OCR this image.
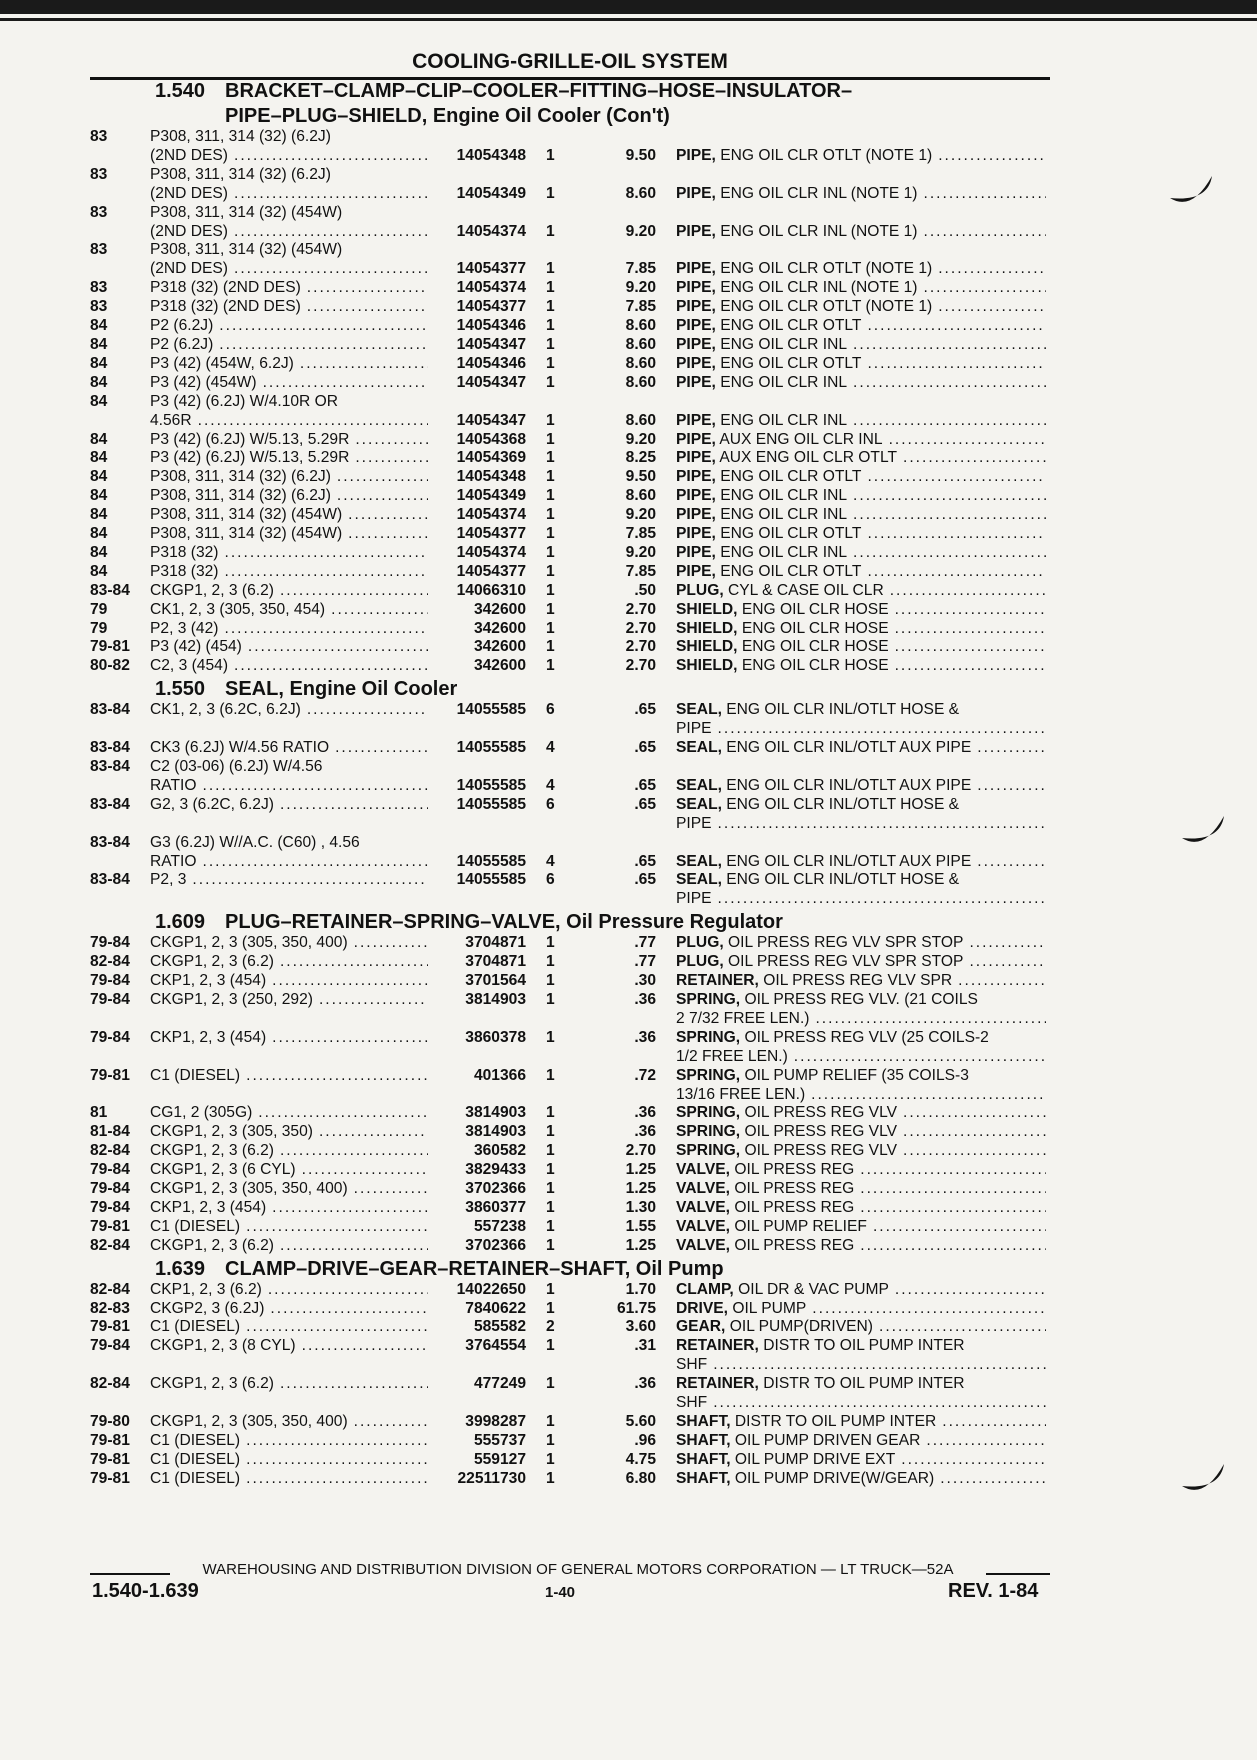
COOLING-GRILLE-OIL SYSTEM
1.540 BRACKET–CLAMP–CLIP–COOLER–FITTING–HOSE–INSULATOR–
PIPE–PLUG–SHIELD, Engine Oil Cooler (Con't)
83	P308, 311, 314 (32) (6.2J)
(2ND DES) .....	14054348	1	9.50 PIPE, ENG OIL CLR OTLT (NOTE 1)
.....
83	P308, 311, 314 (32) (6.2J)
(2ND DES) .....	14054349	1	8.60 PIPE, ENG OIL CLR INL (NOTE 1)
.....
83	P308, 311, 314 (32) (454W)
(2ND DES) .....	14054374	1	9.20 PIPE, ENG OIL CLR INL (NOTE 1)
.....
83	P308, 311, 314 (32) (454W)
(2ND DES) .....	14054377	1	7.85 PIPE, ENG OIL CLR OTLT (NOTE 1)
.....
83	P318 (32) (2ND DES) .....	14054374	1	9.20 PIPE, ENG OIL CLR INL (NOTE 1)
.....
83	P318 (32) (2ND DES) .....	14054377	1	7.85 PIPE, ENG OIL CLR OTLT (NOTE 1)
.....
84	P2 (6.2J) .....	14054346	1	8.60 PIPE, ENG OIL CLR OTLT
.....
84	P2 (6.2J) .....	14054347	1	8.60 PIPE, ENG OIL CLR INL
.....
84	P3 (42) (454W, 6.2J) .....	14054346	1	8.60 PIPE, ENG OIL CLR OTLT
.....
84	P3 (42) (454W) .....	14054347	1	8.60 PIPE, ENG OIL CLR INL
.....
84	P3 (42) (6.2J) W/4.10R OR
4.56R .....	14054347	1	8.60 PIPE, ENG OIL CLR INL
.....
84	P3 (42) (6.2J) W/5.13, 5.29R .....	14054368	1	9.20 PIPE, AUX ENG OIL CLR INL
.....
84	P3 (42) (6.2J) W/5.13, 5.29R .....	14054369	1	8.25 PIPE, AUX ENG OIL CLR OTLT
.....
84	P308, 311, 314 (32) (6.2J) .....	14054348	1	9.50 PIPE, ENG OIL CLR OTLT
.....
84	P308, 311, 314 (32) (6.2J) .....	14054349	1	8.60 PIPE, ENG OIL CLR INL
.....
84	P308, 311, 314 (32) (454W) .....	14054374	1	9.20 PIPE, ENG OIL CLR INL
.....
84	P308, 311, 314 (32) (454W) .....	14054377	1	7.85 PIPE, ENG OIL CLR OTLT
.....
84	P318 (32) .....	14054374	1	9.20 PIPE, ENG OIL CLR INL
.....
84	P318 (32) .....	14054377	1	7.85 PIPE, ENG OIL CLR OTLT
.....
83-84	CKGP1, 2, 3 (6.2) .....	14066310	1	.50 PLUG, CYL & CASE OIL CLR
.....
79	CK1, 2, 3 (305, 350, 454) .....	342600	1	2.70 SHIELD, ENG OIL CLR HOSE
.....
79	P2, 3 (42) .....	342600	1	2.70 SHIELD, ENG OIL CLR HOSE
.....
79-81	P3 (42) (454) .....	342600	1	2.70 SHIELD, ENG OIL CLR HOSE
.....
80-82	C2, 3 (454) .....	342600	1	2.70 SHIELD, ENG OIL CLR HOSE
.....
1.550 SEAL, Engine Oil Cooler
83-84	CK1, 2, 3 (6.2C, 6.2J) .....	14055585	6	.65 SEAL, ENG OIL CLR INL/OTLT HOSE &
PIPE
.....
83-84	CK3 (6.2J) W/4.56 RATIO .....	14055585	4	.65 SEAL, ENG OIL CLR INL/OTLT AUX PIPE
.....
83-84	C2 (03-06) (6.2J) W/4.56
RATIO .....	14055585	4	.65 SEAL, ENG OIL CLR INL/OTLT AUX PIPE
.....
83-84	G2, 3 (6.2C, 6.2J) .....	14055585	6	.65 SEAL, ENG OIL CLR INL/OTLT HOSE &
PIPE
.....
83-84	G3 (6.2J) W//A.C. (C60) , 4.56
RATIO .....	14055585	4	.65 SEAL, ENG OIL CLR INL/OTLT AUX PIPE
.....
83-84	P2, 3 .....	14055585	6	.65 SEAL, ENG OIL CLR INL/OTLT HOSE &
PIPE
.....
1.609 PLUG–RETAINER–SPRING–VALVE, Oil Pressure Regulator
79-84	CKGP1, 2, 3 (305, 350, 400) .....	3704871	1	.77 PLUG, OIL PRESS REG VLV SPR STOP
.....
82-84	CKGP1, 2, 3 (6.2) .....	3704871	1	.77 PLUG, OIL PRESS REG VLV SPR STOP
.....
79-84	CKP1, 2, 3 (454) .....	3701564	1	.30 RETAINER, OIL PRESS REG VLV SPR
.....
79-84	CKGP1, 2, 3 (250, 292) .....	3814903	1	.36 SPRING, OIL PRESS REG VLV. (21 COILS
2 7/32 FREE LEN.)
.....
79-84	CKP1, 2, 3 (454) .....	3860378	1	.36 SPRING, OIL PRESS REG VLV (25 COILS-2
1/2 FREE LEN.)
.....
79-81	C1 (DIESEL) .....	401366	1	.72 SPRING, OIL PUMP RELIEF (35 COILS-3
13/16 FREE LEN.)
.....
81	CG1, 2 (305G) .....	3814903	1	.36 SPRING, OIL PRESS REG VLV
.....
81-84	CKGP1, 2, 3 (305, 350) .....	3814903	1	.36 SPRING, OIL PRESS REG VLV
.....
82-84	CKGP1, 2, 3 (6.2) .....	360582	1	2.70 SPRING, OIL PRESS REG VLV
.....
79-84	CKGP1, 2, 3 (6 CYL) .....	3829433	1	1.25 VALVE, OIL PRESS REG
.....
79-84	CKGP1, 2, 3 (305, 350, 400) .....	3702366	1	1.25 VALVE, OIL PRESS REG
.....
79-84	CKP1, 2, 3 (454) .....	3860377	1	1.30 VALVE, OIL PRESS REG
.....
79-81	C1 (DIESEL) .....	557238	1	1.55 VALVE, OIL PUMP RELIEF
.....
82-84	CKGP1, 2, 3 (6.2) .....	3702366	1	1.25 VALVE, OIL PRESS REG
.....
1.639 CLAMP–DRIVE–GEAR–RETAINER–SHAFT, Oil Pump
82-84	CKP1, 2, 3 (6.2) .....	14022650	1	1.70 CLAMP, OIL DR & VAC PUMP
.....
82-83	CKGP2, 3 (6.2J) .....	7840622	1	61.75 DRIVE, OIL PUMP
.....
79-81	C1 (DIESEL) .....	585582	2	3.60 GEAR, OIL PUMP(DRIVEN)
.....
79-84	CKGP1, 2, 3 (8 CYL) .....	3764554	1	.31 RETAINER, DISTR TO OIL PUMP INTER
SHF
.....
82-84	CKGP1, 2, 3 (6.2) .....	477249	1	.36 RETAINER, DISTR TO OIL PUMP INTER
SHF
.....
79-80	CKGP1, 2, 3 (305, 350, 400) .....	3998287	1	5.60 SHAFT, DISTR TO OIL PUMP INTER
.....
79-81	C1 (DIESEL) .....	555737	1	.96 SHAFT, OIL PUMP DRIVEN GEAR
.....
79-81	C1 (DIESEL) .....	559127	1	4.75 SHAFT, OIL PUMP DRIVE EXT
.....
79-81	C1 (DIESEL) .....	22511730	1	6.80 SHAFT, OIL PUMP DRIVE(W/GEAR)
.....
WAREHOUSING AND DISTRIBUTION DIVISION OF GENERAL MOTORS CORPORATION — LT TRUCK—52A
1.540-1.639	1-40	REV. 1-84
